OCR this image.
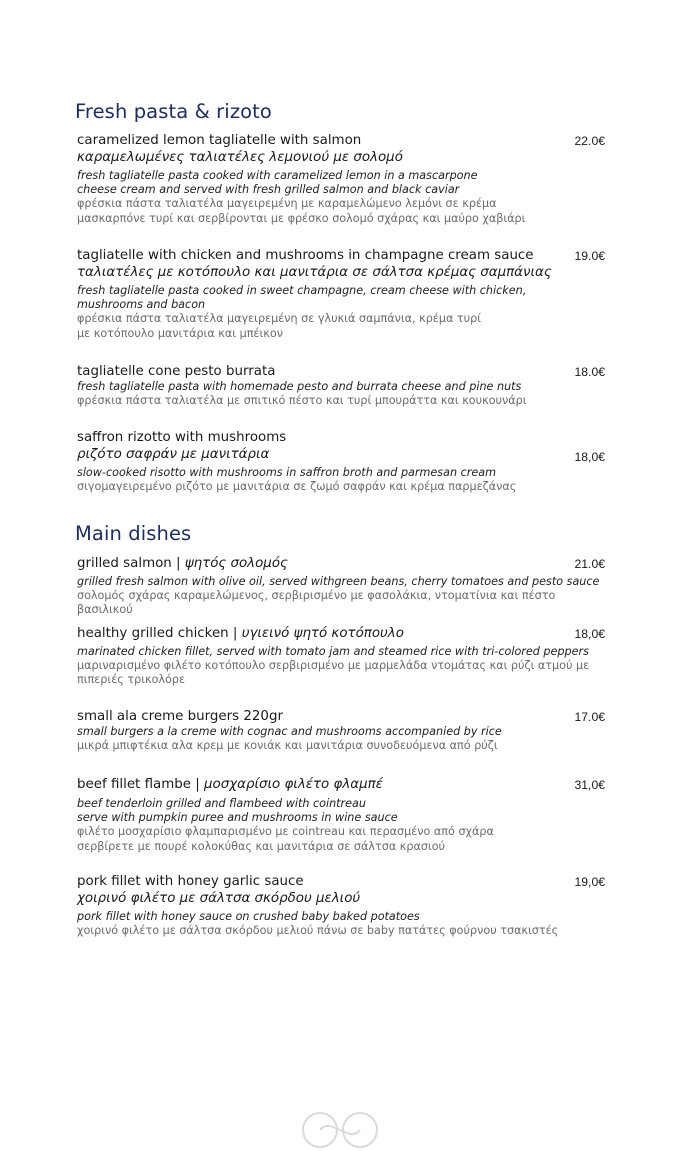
Fresh pasta & rizoto
caramelized lemon tagliatelle with salmon
καραμελωμένες ταλιατέλες λεμονιού με σολομό
fresh tagliatelle pasta cooked with caramelized lemon in a mascarpone
cheese cream and served with fresh grilled salmon and black caviar
φρέσκια πάστα ταλιατέλα μαγειρεμένη με καραμελώμενο λεμόνι σε κρέμα
μασκαρπόνε τυρί και σερβίρονται με φρέσκο σολομό σχάρας και μαύρο χαβιάρι
22.0€
tagliatelle with chicken and mushrooms in champagne cream sauce
ταλιατέλες με κοτόπουλο και μανιτάρια σε σάλτσα κρέμας σαμπάνιας
fresh tagliatelle pasta cooked in sweet champagne, cream cheese with chicken,
mushrooms and bacon
φρέσκια πάστα ταλιατέλα μαγειρεμένη σε γλυκιά σαμπάνια, κρέμα τυρί
με κοτόπουλο μανιτάρια και μπέικον
19.0€
tagliatelle cone pesto burrata
fresh tagliatelle pasta with homemade pesto and burrata cheese and pine nuts
φρέσκια πάστα ταλιατέλα με σπιτικό πέστο και τυρί μπουράττα και κουκουνάρι
18.0€
saffron rizotto with mushrooms
ριζότο σαφράν με μανιτάρια
slow-cooked risotto with mushrooms in saffron broth and parmesan cream
σιγομαγειρεμένο ριζότο με μανιτάρια σε ζωμό σαφράν και κρέμα παρμεζάνας
18,0€
Main dishes
grilled salmon | ψητός σολομός
grilled fresh salmon with olive oil, served withgreen beans, cherry tomatoes and pesto sauce
σολομός σχάρας καραμελώμενος, σερβιρισμένο με φασολάκια, ντοματίνια και πέστο βασιλικού
21.0€
healthy grilled chicken | υγιεινό ψητό κοτόπουλο
marinated chicken fillet, served with tomato jam and steamed rice with tri-colored peppers
μαριναρισμένο φιλέτο κοτόπουλο σερβιρισμένο με μαρμελάδα ντομάτας και ρύζι ατμού με
πιπεριές τρικολόρε
18,0€
small ala creme burgers 220gr
small burgers a la creme with cognac and mushrooms accompanied by rice
μικρά μπιφτέκια αλα κρεμ με κονιάκ και μανιτάρια συνοδευόμενα από ρύζι
17.0€
beef fillet flambe | μοσχαρίσιο φιλέτο φλαμπέ
beef tenderloin grilled and flambeed with cointreau
serve with pumpkin puree and mushrooms in wine sauce
φιλέτο μοσχαρίσιο φλαμπαρισμένο με cointreau και περασμένο από σχάρα
σερβίρετε με πουρέ κολοκύθας και μανιτάρια σε σάλτσα κρασιού
31,0€
pork fillet with honey garlic sauce
χοιρινό φιλέτο με σάλτσα σκόρδου μελιού
pork fillet with honey sauce on crushed baby baked potatoes
χοιρινό φιλέτο με σάλτσα σκόρδου μελιού πάνω σε baby πατάτες φούρνου τσακιστές
19,0€
